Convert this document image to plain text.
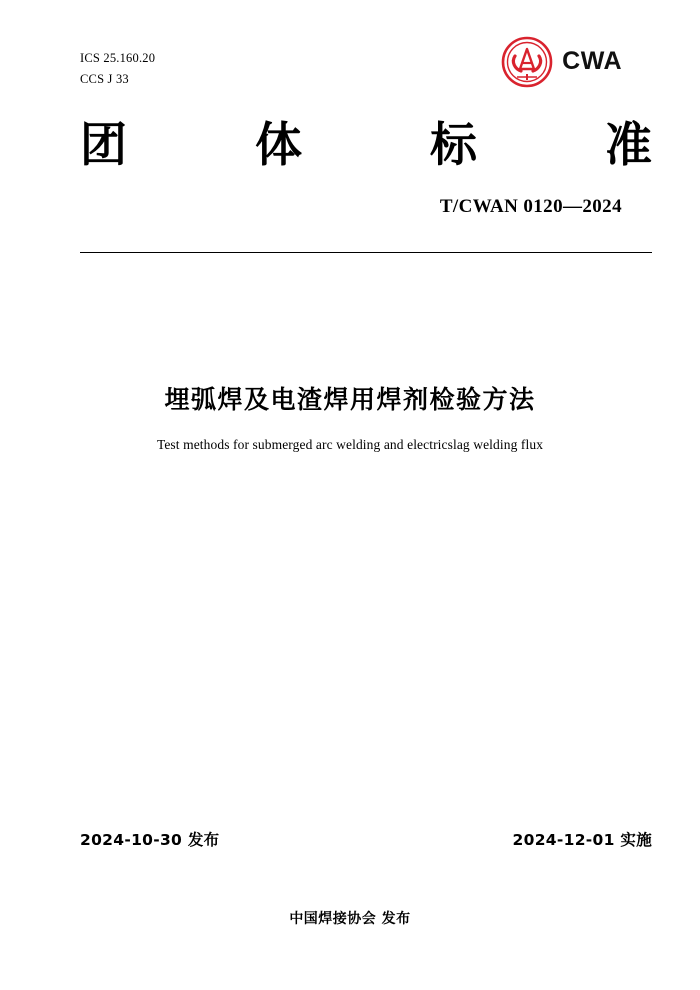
ICS 25.160.20
CCS J 33
CWA
团	体	标	准
T/CWAN 0120—2024
埋弧焊及电渣焊用焊剂检验方法
Test methods for submerged arc welding and electricslag welding flux
2024-10-30 发布	2024-12-01 实施
中国焊接协会 发布
